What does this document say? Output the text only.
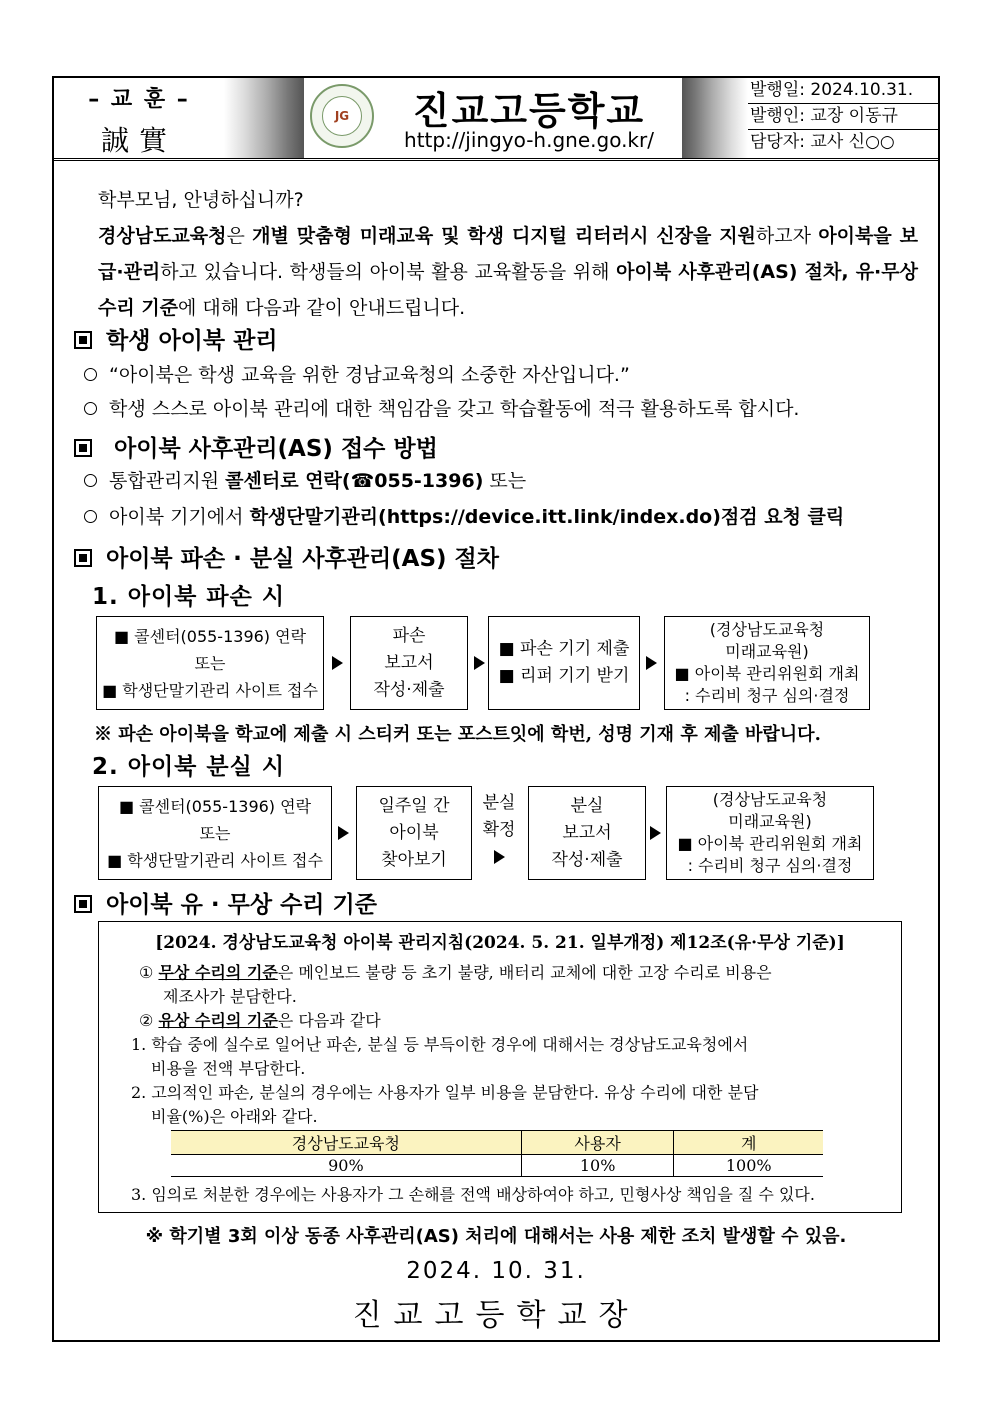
– 교 훈 –
誠實
JG	진교고등학교
http://jingyo-h.gne.go.kr/
발행일: 2024.10.31.
발행인: 교장 이동규
담당자: 교사 신○○
학부모님, 안녕하십니까?
경상남도교육청은 개별 맞춤형 미래교육 및 학생 디지털 리터러시 신장을 지원하고자 아이북을 보급·관리하고 있습니다. 학생들의 아이북 활용 교육활동을 위해 아이북 사후관리(AS) 절차, 유·무상 수리 기준에 대해 다음과 같이 안내드립니다.
학생 아이북 관리
“아이북은 학생 교육을 위한 경남교육청의 소중한 자산입니다.”
학생 스스로 아이북 관리에 대한 책임감을 갖고 학습활동에 적극 활용하도록 합시다.
아이북 사후관리(AS) 접수 방법
통합관리지원 콜센터로 연락(☎055-1396) 또는
아이북 기기에서 학생단말기관리(https://device.itt.link/index.do)점검 요청 클릭
아이북 파손 · 분실 사후관리(AS) 절차
1. 아이북 파손 시
■ 콜센터(055-1396) 연락
또는
■ 학생단말기관리 사이트 접수
파손
보고서
작성·제출
■ 파손 기기 제출
■ 리퍼 기기 받기
(경상남도교육청
미래교육원)
■ 아이북 관리위원회 개최
: 수리비 청구 심의·결정
※ 파손 아이북을 학교에 제출 시 스티커 또는 포스트잇에 학번, 성명 기재 후 제출 바랍니다.
2. 아이북 분실 시
■ 콜센터(055-1396) 연락
또는
■ 학생단말기관리 사이트 접수
일주일 간
아이북
찾아보기
분실
확정
분실
보고서
작성·제출
(경상남도교육청
미래교육원)
■ 아이북 관리위원회 개최
: 수리비 청구 심의·결정
아이북 유 · 무상 수리 기준
[2024. 경상남도교육청 아이북 관리지침(2024. 5. 21. 일부개정) 제12조(유·무상 기준)]
① 무상 수리의 기준은 메인보드 불량 등 초기 불량, 배터리 교체에 대한 고장 수리로 비용은
제조사가 분담한다.
② 유상 수리의 기준은 다음과 같다
1. 학습 중에 실수로 일어난 파손, 분실 등 부득이한 경우에 대해서는 경상남도교육청에서
비용을 전액 부담한다.
2. 고의적인 파손, 분실의 경우에는 사용자가 일부 비용을 분담한다. 유상 수리에 대한 분담
비율(%)은 아래와 같다.
경상남도교육청	사용자	계
90%	10%	100%
3. 임의로 처분한 경우에는 사용자가 그 손해를 전액 배상하여야 하고, 민형사상 책임을 질 수 있다.
※ 학기별 3회 이상 동종 사후관리(AS) 처리에 대해서는 사용 제한 조치 발생할 수 있음.
2024. 10. 31.
진교고등학교장
